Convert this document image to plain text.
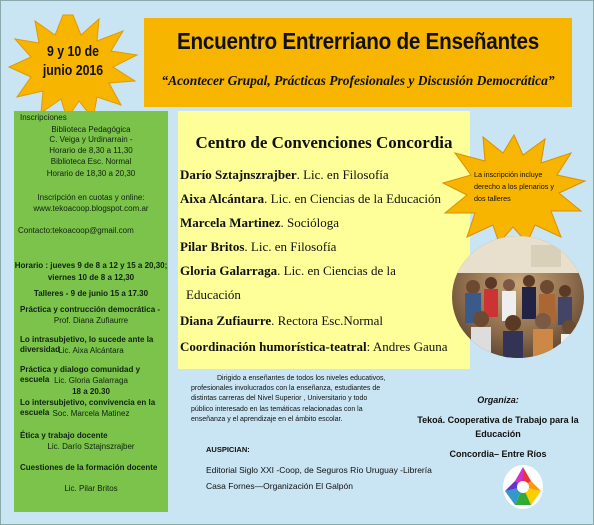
9 y 10 de
junio 2016
Encuentro Entrerriano de Enseñantes
“Acontecer Grupal, Prácticas Profesionales y Discusión Democrática”
Inscripciones
Biblioteca Pedagógica
C. Veiga y Urdinarrain -
Horario de 8,30 a 11,30
Biblioteca Esc. Normal
Horario de 18,30 a 20,30
Inscripción en cuotas y online:
www.tekoacoop.blogspot.com.ar
Contacto:tekoacoop@gmail.com
Horario : jueves 9 de 8 a 12 y 15 a 20,30;
viernes 10 de 8 a 12,30
Talleres - 9 de junio 15 a 17.30
Práctica y contrucción democrática -
Prof. Diana Zufiaurre
Lo intrasubjetivo, lo sucede ante la diversidad
Lic. Aixa Alcántara
Práctica y dialogo comunidad y escuela Lic. Gloria Galarraga
18 a 20.30
Lo intersubjetivo, convivencia en la escuela Soc. Marcela Matinez
Ética y trabajo docente
Lic. Darío Sztajnszrajber
Cuestiones de la formación docente
Lic. Pilar Britos
Centro de Convenciones Concordia
Darío Sztajnszrajber. Lic. en Filosofía
Aixa Alcántara. Lic. en Ciencias de la Educación
Marcela Martinez. Socióloga
Pilar Britos. Lic. en Filosofía
Gloria Galarraga. Lic. en Ciencias de la
Educación
Diana Zufiaurre. Rectora Esc.Normal
Coordinación humorística-teatral: Andres Gauna
La inscripción incluye
derecho a los plenarios y
dos talleres
Dirigido a enseñantes de todos los niveles educativos,
profesionales involucrados con la enseñanza, estudiantes de
distintas carreras del Nivel Superior , Universitario y todo
público interesado en las temáticas relacionadas con la
enseñanza y el aprendizaje en el ámbito escolar.
AUSPICIAN:
Editorial Siglo XXI -Coop, de Seguros Río Uruguay -Librería
Casa Fornes—Organización El Galpón
Organiza:
Tekoá. Cooperativa de Trabajo para la
Educación
Concordia– Entre Ríos
